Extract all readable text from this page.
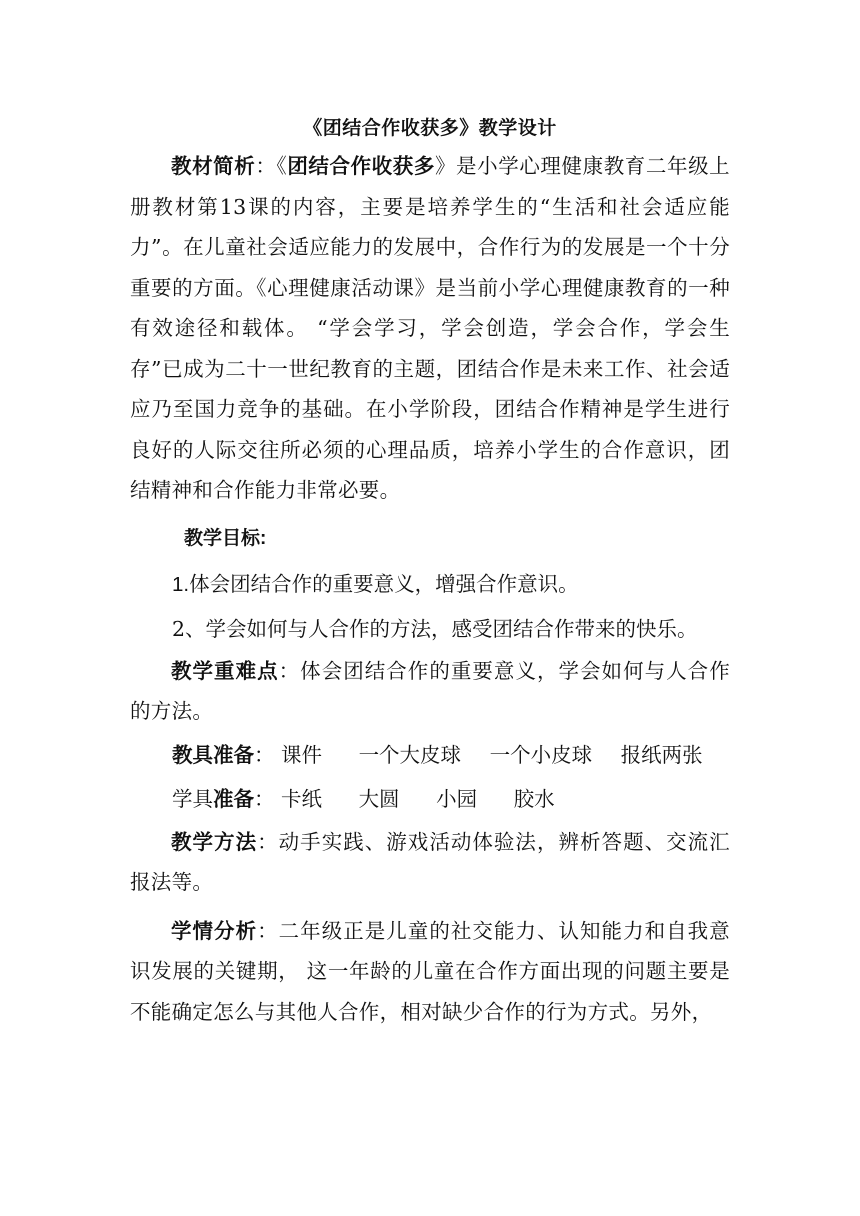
《团结合作收获多》教学设计

教材简析：《团结合作收获多》是小学心理健康教育二年级上册教材第13课的内容，主要是培养学生的“生活和社会适应能力”。在儿童社会适应能力的发展中，合作行为的发展是一个十分重要的方面。《心理健康活动课》是当前小学心理健康教育的一种有效途径和载体。 “学会学习，学会创造，学会合作，学会生存”已成为二十一世纪教育的主题，团结合作是未来工作、社会适应乃至国力竞争的基础。在小学阶段，团结合作精神是学生进行良好的人际交往所必须的心理品质，培养小学生的合作意识，团结精神和合作能力非常必要。

教学目标:

1.体会团结合作的重要意义，增强合作意识。

2、学会如何与人合作的方法，感受团结合作带来的快乐。

教学重难点：体会团结合作的重要意义，学会如何与人合作的方法。

教具准备： 课件 一个大皮球 一个小皮球 报纸两张
学具准备： 卡纸 大圆 小园 胶水

教学方法：动手实践、游戏活动体验法，辨析答题、交流汇报法等。

学情分析：二年级正是儿童的社交能力、认知能力和自我意识发展的关键期， 这一年龄的儿童在合作方面出现的问题主要是不能确定怎么与其他人合作，相对缺少合作的行为方式。另外，
